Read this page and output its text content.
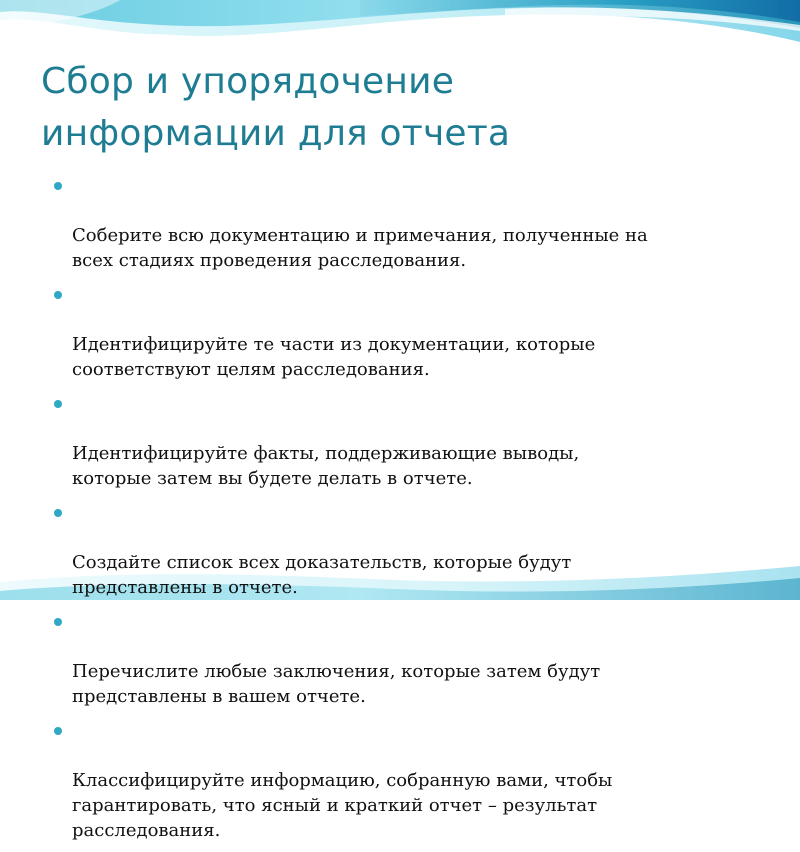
Сбор и упорядочение
информации для отчета

Соберите всю документацию и примечания, полученные на
всех стадиях проведения расследования.

Идентифицируйте те части из документации, которые
соответствуют целям расследования.

Идентифицируйте факты, поддерживающие выводы,
которые затем вы будете делать в отчете.

Создайте список всех доказательств, которые будут
представлены в отчете.

Перечислите любые заключения, которые затем будут
представлены в вашем отчете.

Классифицируйте информацию, собранную вами, чтобы
гарантировать, что ясный и краткий отчет – результат
расследования.
